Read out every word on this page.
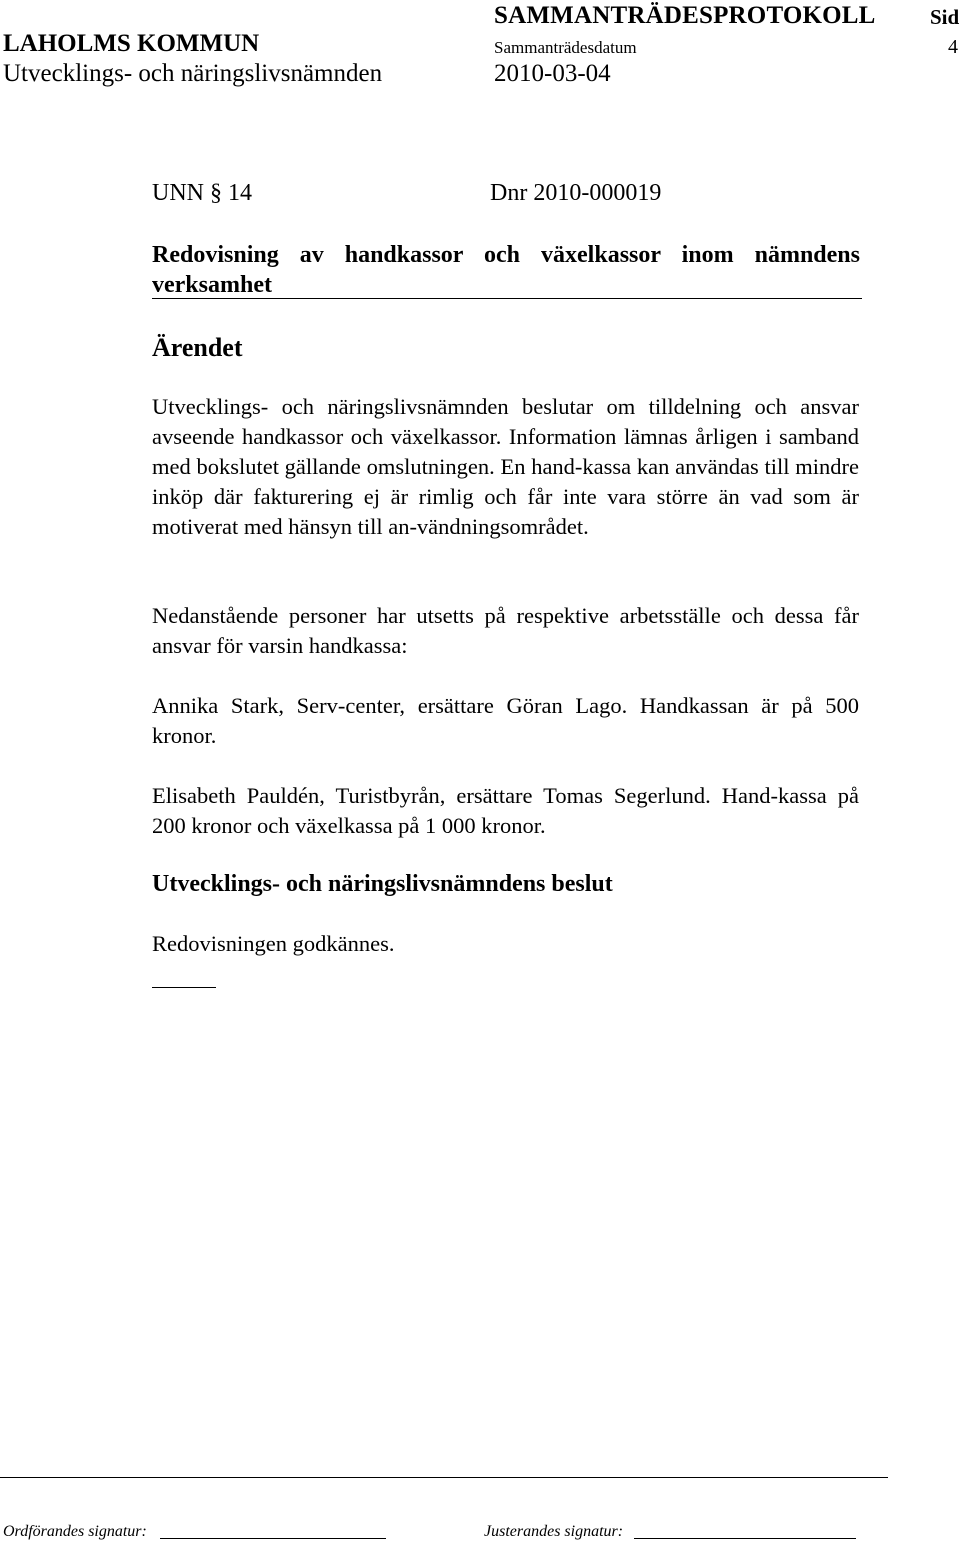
SAMMANTRÄDESPROTOKOLL	Sid
LAHOLMS KOMMUN	Sammanträdesdatum	4
Utvecklings- och näringslivsnämnden	2010-03-04
UNN § 14	Dnr 2010-000019
Redovisning av handkassor och växelkassor inom nämndens verksamhet
Ärendet
Utvecklings- och näringslivsnämnden beslutar om tilldelning och ansvar avseende handkassor och växelkassor. Information lämnas årligen i samband med bokslutet gällande omslutningen. En hand-kassa kan användas till mindre inköp där fakturering ej är rimlig och får inte vara större än vad som är motiverat med hänsyn till an-vändningsområdet.
Nedanstående personer har utsetts på respektive arbetsställe och dessa får ansvar för varsin handkassa:
Annika Stark, Serv-center, ersättare Göran Lago. Handkassan är på 500 kronor.
Elisabeth Pauldén, Turistbyrån, ersättare Tomas Segerlund. Hand-kassa på 200 kronor och växelkassa på 1 000 kronor.
Utvecklings- och näringslivsnämndens beslut
Redovisningen godkännes.
Ordförandes signatur:	Justerandes signatur:
